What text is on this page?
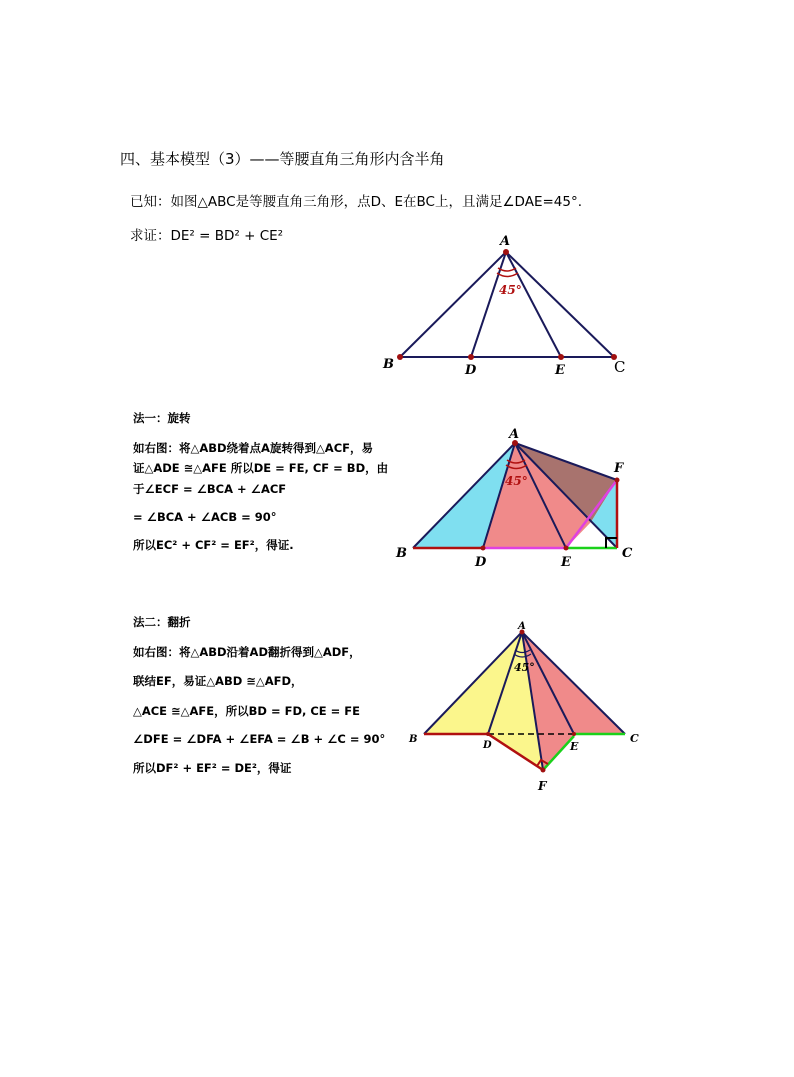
四、基本模型（3）——等腰直角三角形内含半角
已知：如图△ABC是等腰直角三角形，点D、E在BC上，且满足∠DAE=45°.
求证：DE² = BD² + CE²
法一：旋转
如右图：将△ABD绕着点A旋转得到△ACF，易
证△ADE ≅△AFE 所以DE = FE, CF = BD，由
于∠ECF = ∠BCA + ∠ACF
= ∠BCA + ∠ACB = 90°
所以EC² + CF² = EF²，得证.
法二：翻折
如右图：将△ABD沿着AD翻折得到△ADF，
联结EF，易证△ABD ≅△AFD，
△ACE ≅△AFE，所以BD = FD, CE = FE
∠DFE = ∠DFA + ∠EFA = ∠B + ∠C = 90°
所以DF² + EF² = DE²，得证
A
B	D	E	C
45°
A
B
D	E
C
F
45°
A
B
D	E
C
F
45°
